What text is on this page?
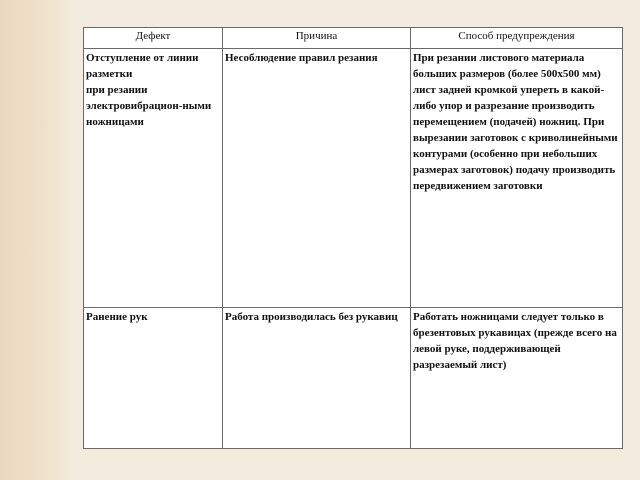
Дефект	Причина	Способ предупреждения

Отступление от линии разметки
при резании электровибрацион-ными ножницами	Несоблюдение правил резания	При резании листового материала больших размеров (более 500х500 мм) лист задней кромкой упереть в какой-либо упор и разрезание производить перемещением (подачей) ножниц. При вырезании заготовок с криволинейными контурами (особенно при небольших размерах заготовок) подачу производить передвижением заготовки

Ранение рук	Работа производилась без рукавиц	Работать ножницами следует только в брезентовых рукавицах (прежде всего на левой руке, поддерживающей разрезаемый лист)
